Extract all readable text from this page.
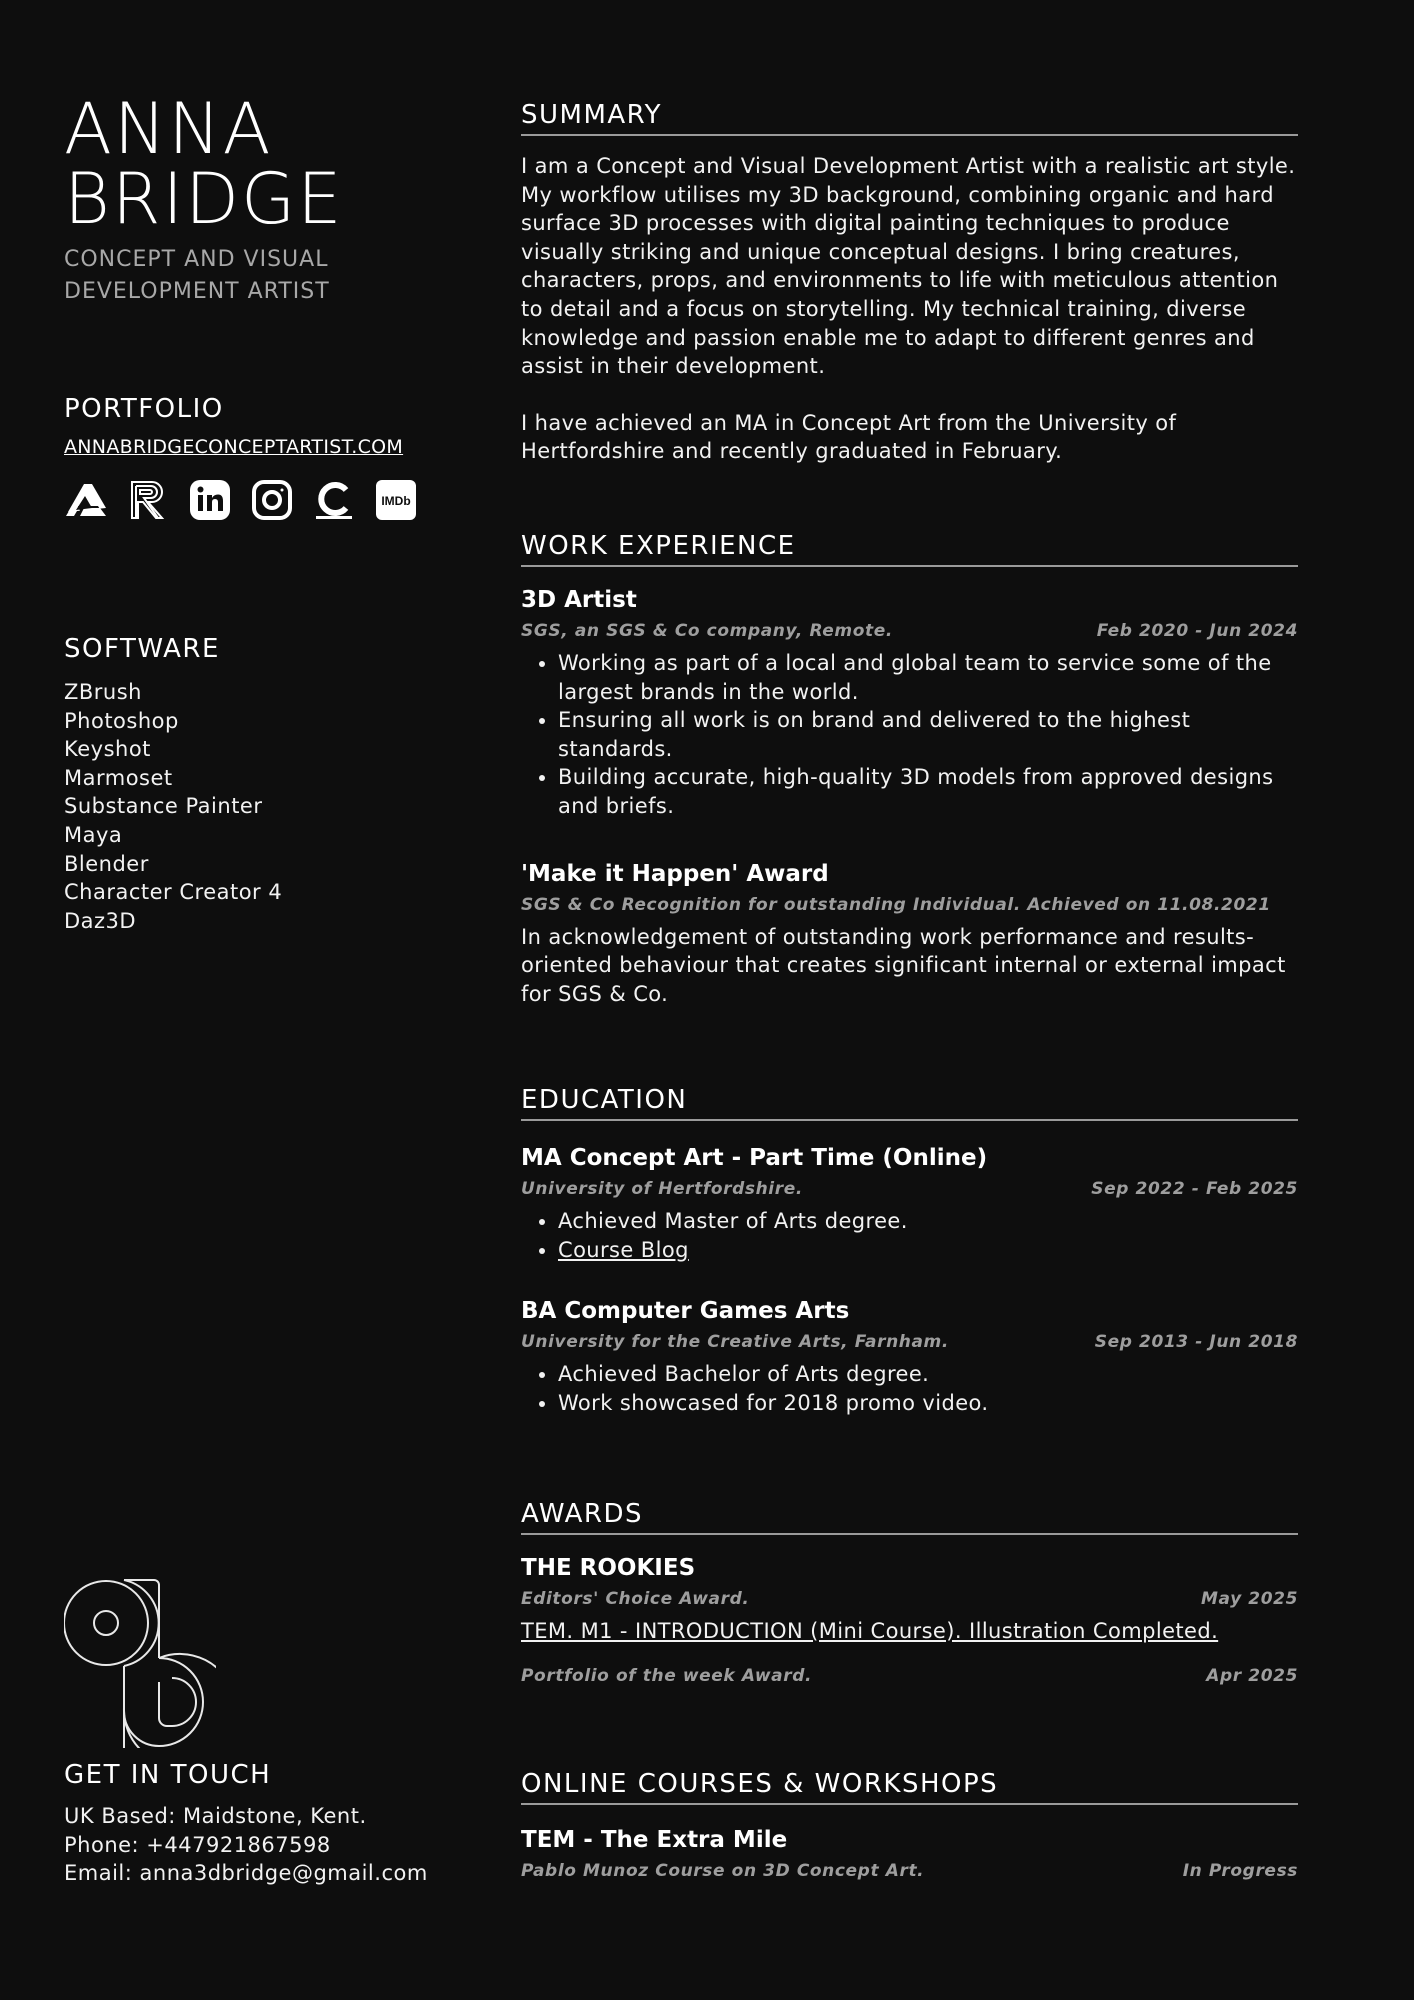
ANNA
BRIDGE
CONCEPT AND VISUAL
DEVELOPMENT ARTIST
PORTFOLIO
ANNABRIDGECONCEPTARTIST.COM
IMDb
SOFTWARE
ZBrush
Photoshop
Keyshot
Marmoset
Substance Painter
Maya
Blender
Character Creator 4
Daz3D
GET IN TOUCH
UK Based: Maidstone, Kent.
Phone: +447921867598
Email: anna3dbridge@gmail.com
SUMMARY

I am a Concept and Visual Development Artist with a realistic art style. My workflow utilises my 3D background, combining organic and hard surface 3D processes with digital painting techniques to produce visually striking and unique conceptual designs. I bring creatures, characters, props, and environments to life with meticulous attention to detail and a focus on storytelling. My technical training, diverse knowledge and passion enable me to adapt to different genres and assist in their development.

I have achieved an MA in Concept Art from the University of Hertfordshire and recently graduated in February.

WORK EXPERIENCE
3D Artist
SGS, an SGS & Co company, Remote.	Feb 2020 - Jun 2024
• Working as part of a local and global team to service some of the largest brands in the world.
• Ensuring all work is on brand and delivered to the highest standards.
• Building accurate, high-quality 3D models from approved designs and briefs.
'Make it Happen' Award
SGS & Co Recognition for outstanding Individual. Achieved on 11.08.2021

In acknowledgement of outstanding work performance and results-oriented behaviour that creates significant internal or external impact for SGS & Co.

EDUCATION
MA Concept Art - Part Time (Online)
University of Hertfordshire.	Sep 2022 - Feb 2025
• Achieved Master of Arts degree.
• Course Blog
BA Computer Games Arts
University for the Creative Arts, Farnham.	Sep 2013 - Jun 2018
• Achieved Bachelor of Arts degree.
• Work showcased for 2018 promo video.
AWARDS
THE ROOKIES
Editors' Choice Award.	May 2025
TEM. M1 - INTRODUCTION (Mini Course). Illustration Completed.
Portfolio of the week Award.	Apr 2025
ONLINE COURSES & WORKSHOPS
TEM - The Extra Mile
Pablo Munoz Course on 3D Concept Art.	In Progress
